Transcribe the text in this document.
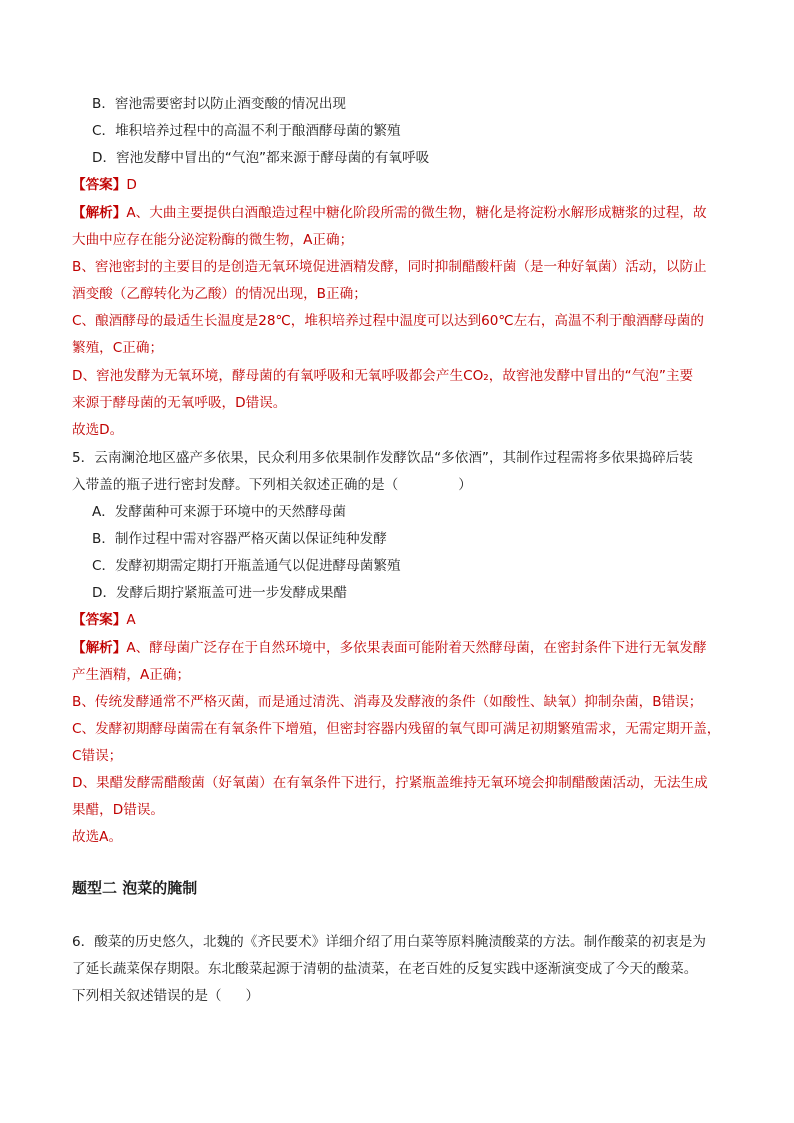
B．窖池需要密封以防止酒变酸的情况出现
C．堆积培养过程中的高温不利于酿酒酵母菌的繁殖
D．窖池发酵中冒出的“气泡”都来源于酵母菌的有氧呼吸
【答案】D
【解析】A、大曲主要提供白酒酿造过程中糖化阶段所需的微生物，糖化是将淀粉水解形成糖浆的过程，故
大曲中应存在能分泌淀粉酶的微生物，A正确；
B、窖池密封的主要目的是创造无氧环境促进酒精发酵，同时抑制醋酸杆菌（是一种好氧菌）活动，以防止
酒变酸（乙醇转化为乙酸）的情况出现，B正确；
C、酿酒酵母的最适生长温度是28℃，堆积培养过程中温度可以达到60℃左右，高温不利于酿酒酵母菌的
繁殖，C正确；
D、窖池发酵为无氧环境，酵母菌的有氧呼吸和无氧呼吸都会产生CO₂，故窖池发酵中冒出的“气泡”主要
来源于酵母菌的无氧呼吸，D错误。
故选D。
5．云南澜沧地区盛产多依果，民众利用多依果制作发酵饮品“多依酒”，其制作过程需将多依果捣碎后装
入带盖的瓶子进行密封发酵。下列相关叙述正确的是（	）
A．发酵菌种可来源于环境中的天然酵母菌
B．制作过程中需对容器严格灭菌以保证纯种发酵
C．发酵初期需定期打开瓶盖通气以促进酵母菌繁殖
D．发酵后期拧紧瓶盖可进一步发酵成果醋
【答案】A
【解析】A、酵母菌广泛存在于自然环境中，多依果表面可能附着天然酵母菌，在密封条件下进行无氧发酵
产生酒精，A正确；
B、传统发酵通常不严格灭菌，而是通过清洗、消毒及发酵液的条件（如酸性、缺氧）抑制杂菌，B错误；
C、发酵初期酵母菌需在有氧条件下增殖，但密封容器内残留的氧气即可满足初期繁殖需求，无需定期开盖，
C错误；
D、果醋发酵需醋酸菌（好氧菌）在有氧条件下进行，拧紧瓶盖维持无氧环境会抑制醋酸菌活动，无法生成
果醋，D错误。
故选A。
题型二 泡菜的腌制
6．酸菜的历史悠久，北魏的《齐民要术》详细介绍了用白菜等原料腌渍酸菜的方法。制作酸菜的初衷是为
了延长蔬菜保存期限。东北酸菜起源于清朝的盐渍菜，在老百姓的反复实践中逐渐演变成了今天的酸菜。
下列相关叙述错误的是（ ）
